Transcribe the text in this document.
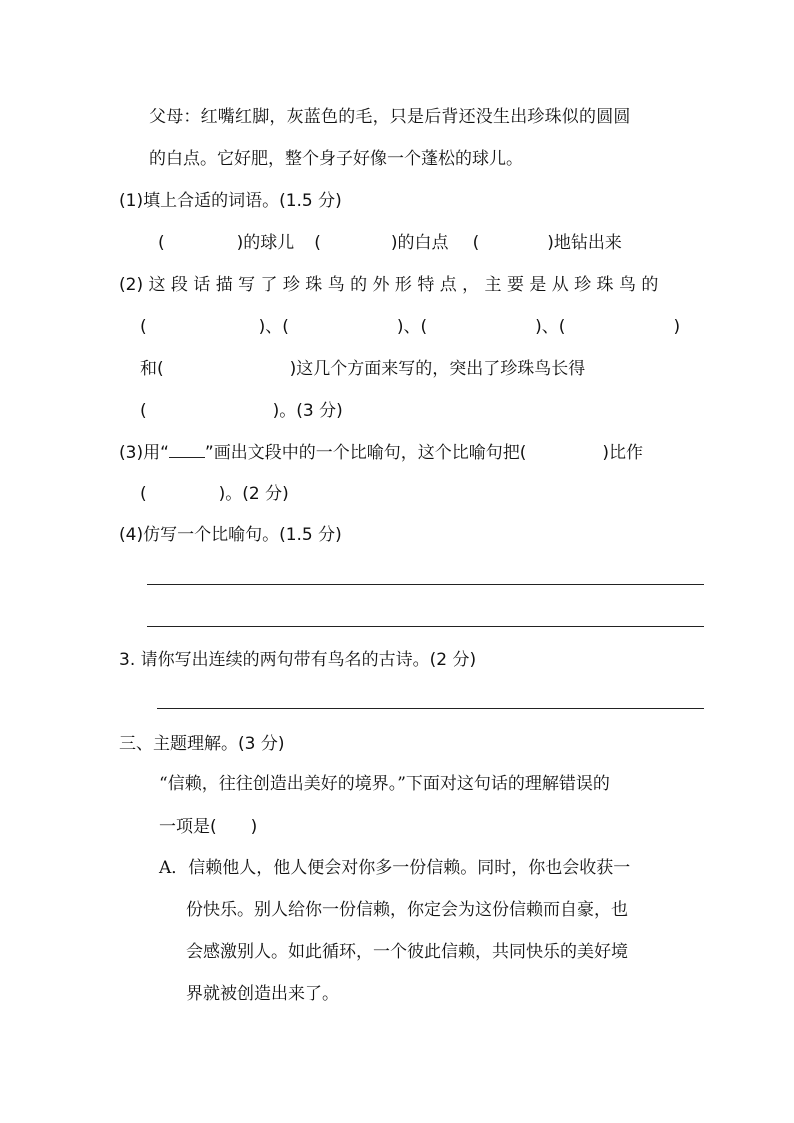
父母：红嘴红脚，灰蓝色的毛，只是后背还没生出珍珠似的圆圆
的白点。它好肥，整个身子好像一个蓬松的球儿。
(1)填上合适的词语。(1.5 分)
(	)的球儿 (	)的白点 (	)地钻出来
(2) 这 段 话 描 写 了 珍 珠 鸟 的 外 形 特 点 ， 主 要 是 从 珍 珠 鸟 的
(	)、(	)、(	)、(	)
和(	)这几个方面来写的，突出了珍珠鸟长得
(	)。(3 分)
(3)用“ ”画出文段中的一个比喻句，这个比喻句把(	)比作
(	)。(2 分)
(4)仿写一个比喻句。(1.5 分)
3. 请你写出连续的两句带有鸟名的古诗。(2 分)
三、主题理解。(3 分)
“信赖，往往创造出美好的境界。”下面对这句话的理解错误的
一项是(　　)
A．信赖他人，他人便会对你多一份信赖。同时，你也会收获一
份快乐。别人给你一份信赖，你定会为这份信赖而自豪，也
会感激别人。如此循环，一个彼此信赖，共同快乐的美好境
界就被创造出来了。
